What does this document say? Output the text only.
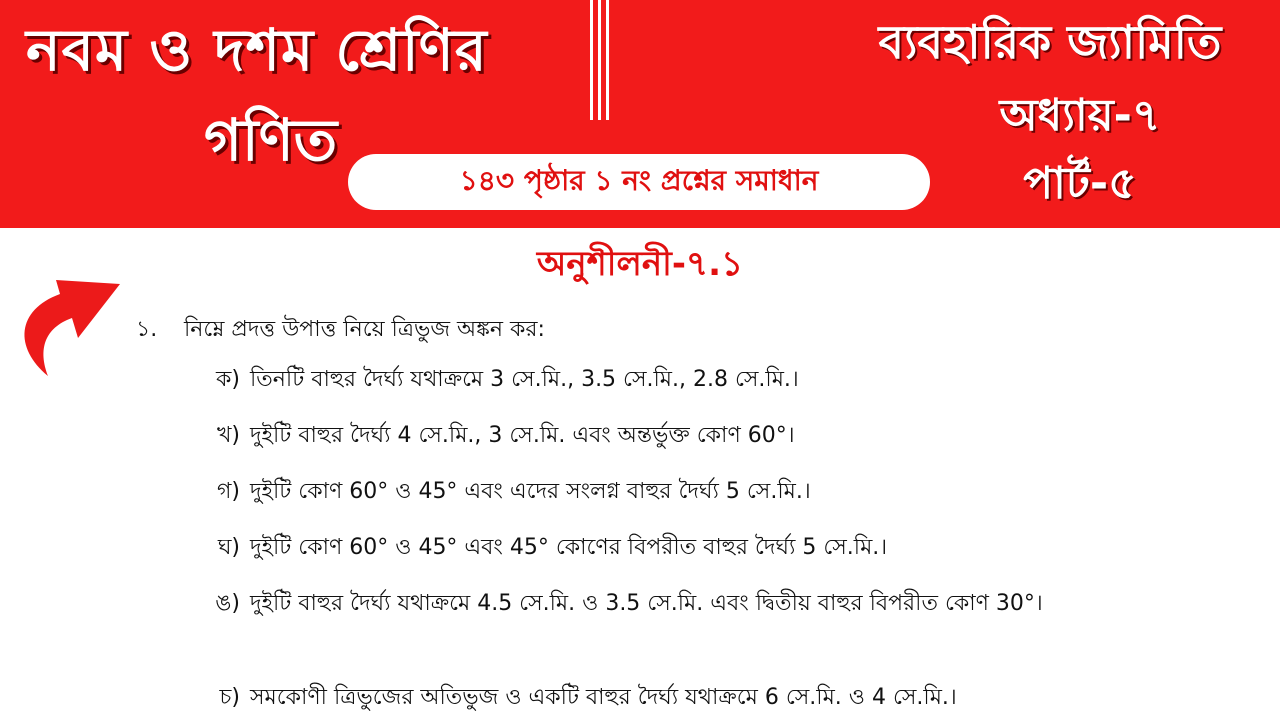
নবম ও দশম শ্রেণির
গণিত
ব্যবহারিক জ্যামিতি
অধ্যায়-৭
পার্ট-৫
১৪৩ পৃষ্ঠার ১ নং প্রশ্নের সমাধান
অনুশীলনী-৭.১
১. নিম্নে প্রদত্ত উপাত্ত নিয়ে ত্রিভুজ অঙ্কন কর:
ক) তিনটি বাহুর দৈর্ঘ্য যথাক্রমে 3 সে.মি., 3.5 সে.মি., 2.8 সে.মি.।
খ) দুইটি বাহুর দৈর্ঘ্য 4 সে.মি., 3 সে.মি. এবং অন্তর্ভুক্ত কোণ 60°।
গ) দুইটি কোণ 60° ও 45° এবং এদের সংলগ্ন বাহুর দৈর্ঘ্য 5 সে.মি.।
ঘ) দুইটি কোণ 60° ও 45° এবং 45° কোণের বিপরীত বাহুর দৈর্ঘ্য 5 সে.মি.।
ঙ) দুইটি বাহুর দৈর্ঘ্য যথাক্রমে 4.5 সে.মি. ও 3.5 সে.মি. এবং দ্বিতীয় বাহুর বিপরীত কোণ 30°।
চ) সমকোণী ত্রিভুজের অতিভুজ ও একটি বাহুর দৈর্ঘ্য যথাক্রমে 6 সে.মি. ও 4 সে.মি.।
